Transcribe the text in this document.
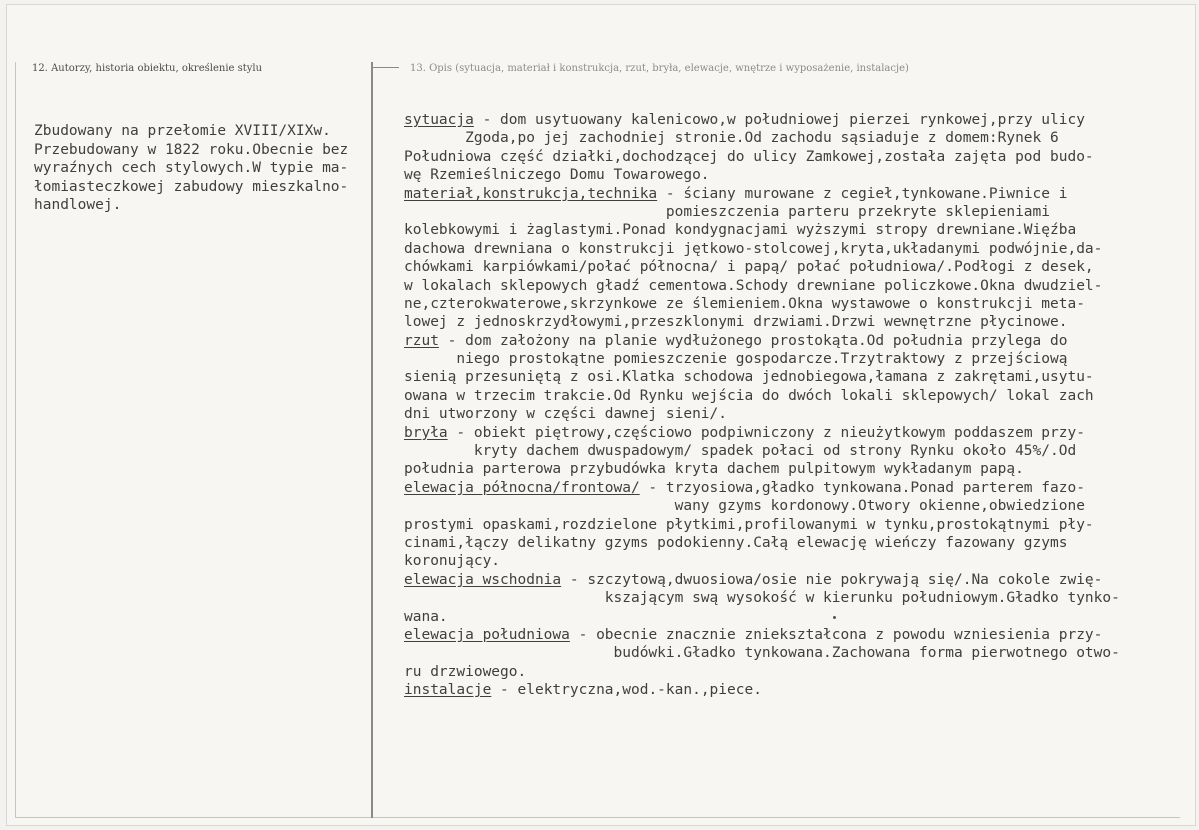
12. Autorzy, historia obiektu, określenie stylu	13. Opis (sytuacja, materiał i konstrukcja, rzut, bryła, elewacje, wnętrze i wyposażenie, instalacje)
Zbudowany na przełomie XVIII/XIXw.
Przebudowany w 1822 roku.Obecnie bez
wyraźnych cech stylowych.W typie ma-
łomiasteczkowej zabudowy mieszkalno-
handlowej.
sytuacja - dom usytuowany kalenicowo,w południowej pierzei rynkowej,przy ulicy
Zgoda,po jej zachodniej stronie.Od zachodu sąsiaduje z domem:Rynek 6
Południowa część działki,dochodzącej do ulicy Zamkowej,została zajęta pod budo-
wę Rzemieślniczego Domu Towarowego.
materiał,konstrukcja,technika - ściany murowane z cegieł,tynkowane.Piwnice i
pomieszczenia parteru przekryte sklepieniami
kolebkowymi i żaglastymi.Ponad kondygnacjami wyższymi stropy drewniane.Więźba
dachowa drewniana o konstrukcji jętkowo-stolcowej,kryta,układanymi podwójnie,da-
chówkami karpiówkami/połać północna/ i papą/ połać południowa/.Podłogi z desek,
w lokalach sklepowych gładź cementowa.Schody drewniane policzkowe.Okna dwudziel-
ne,czterokwaterowe,skrzynkowe ze ślemieniem.Okna wystawowe o konstrukcji meta-
lowej z jednoskrzydłowymi,przeszklonymi drzwiami.Drzwi wewnętrzne płycinowe.
rzut - dom założony na planie wydłużonego prostokąta.Od południa przylega do
niego prostokątne pomieszczenie gospodarcze.Trzytraktowy z przejściową
sienią przesuniętą z osi.Klatka schodowa jednobiegowa,łamana z zakrętami,usytu-
owana w trzecim trakcie.Od Rynku wejścia do dwóch lokali sklepowych/ lokal zach
dni utworzony w części dawnej sieni/.
bryła - obiekt piętrowy,częściowo podpiwniczony z nieużytkowym poddaszem przy-
kryty dachem dwuspadowym/ spadek połaci od strony Rynku około 45%/.Od
południa parterowa przybudówka kryta dachem pulpitowym wykładanym papą.
elewacja północna/frontowa/ - trzyosiowa,gładko tynkowana.Ponad parterem fazo-
wany gzyms kordonowy.Otwory okienne,obwiedzione
prostymi opaskami,rozdzielone płytkimi,profilowanymi w tynku,prostokątnymi pły-
cinami,łączy delikatny gzyms podokienny.Całą elewację wieńczy fazowany gzyms
koronujący.
elewacja wschodnia - szczytową,dwuosiowa/osie nie pokrywają się/.Na cokole zwię-
kszającym swą wysokość w kierunku południowym.Gładko tynko-
wana.
elewacja południowa - obecnie znacznie zniekształcona z powodu wzniesienia przy-
budówki.Gładko tynkowana.Zachowana forma pierwotnego otwo-
ru drzwiowego.
instalacje - elektryczna,wod.-kan.,piece.
